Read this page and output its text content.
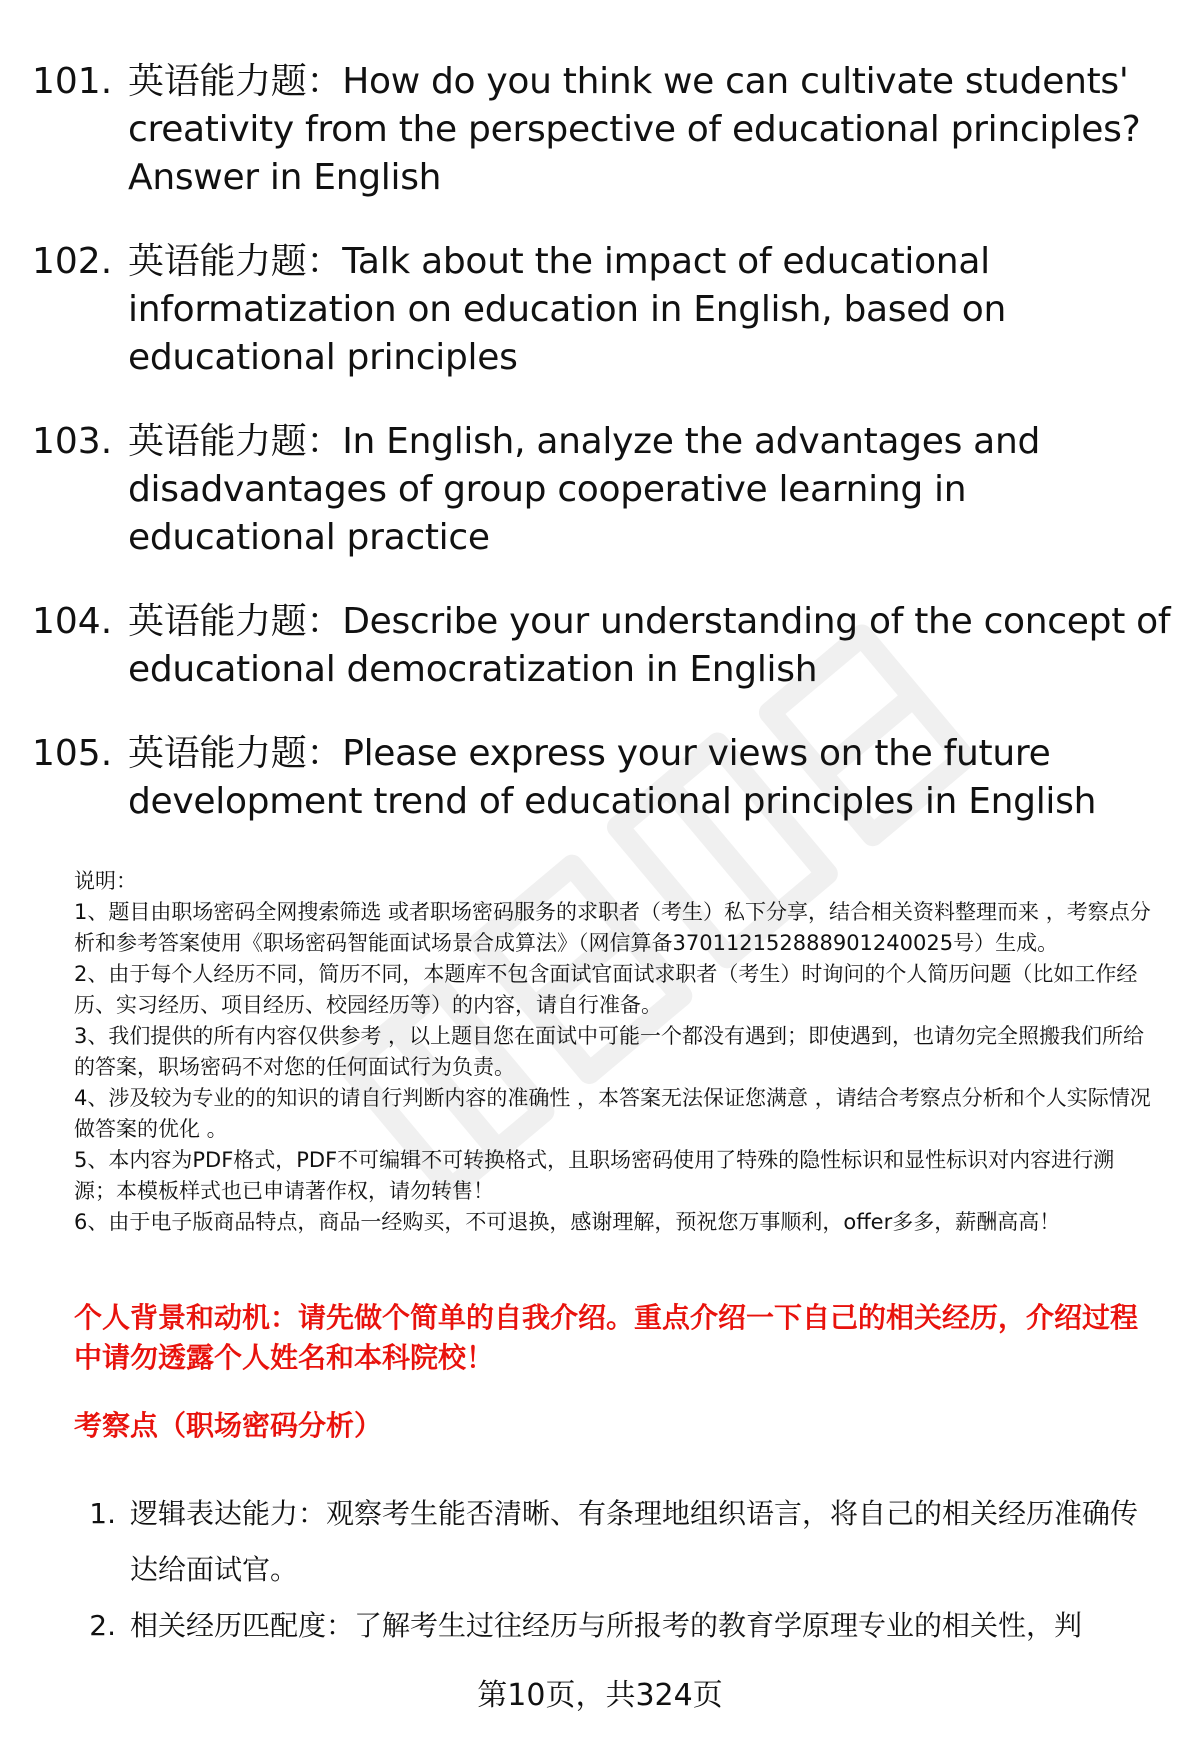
101. 英语能力题：How do you think we can cultivate students' creativity from the perspective of educational principles? Answer in English
102. 英语能力题：Talk about the impact of educational informatization on education in English, based on educational principles
103. 英语能力题：In English, analyze the advantages and disadvantages of group cooperative learning in educational practice
104. 英语能力题：Describe your understanding of the concept of educational democratization in English
105. 英语能力题：Please express your views on the future development trend of educational principles in English

说明：

1、题目由职场密码全网搜索筛选 或者职场密码服务的求职者（考生）私下分享，结合相关资料整理而来 ，考察点分析和参考答案使用《职场密码智能面试场景合成算法》（网信算备370112152888901240025号）生成。

2、由于每个人经历不同，简历不同，本题库不包含面试官面试求职者（考生）时询问的个人简历问题（比如工作经历、实习经历、项目经历、校园经历等）的内容，请自行准备。

3、我们提供的所有内容仅供参考 ，以上题目您在面试中可能一个都没有遇到；即使遇到，也请勿完全照搬我们所给的答案，职场密码不对您的任何面试行为负责。

4、涉及较为专业的的知识的请自行判断内容的准确性 ，本答案无法保证您满意 ，请结合考察点分析和个人实际情况做答案的优化 。

5、本内容为PDF格式，PDF不可编辑不可转换格式，且职场密码使用了特殊的隐性标识和显性标识对内容进行溯源；本模板样式也已申请著作权，请勿转售！

6、由于电子版商品特点，商品一经购买，不可退换，感谢理解，预祝您万事顺利，offer多多，薪酬高高！

个人背景和动机：请先做个简单的自我介绍。重点介绍一下自己的相关经历，介绍过程中请勿透露个人姓名和本科院校！
考察点（职场密码分析）
1. 逻辑表达能力：观察考生能否清晰、有条理地组织语言，将自己的相关经历准确传达给面试官。
2. 相关经历匹配度：了解考生过往经历与所报考的教育学原理专业的相关性，判
第10页，共324页
